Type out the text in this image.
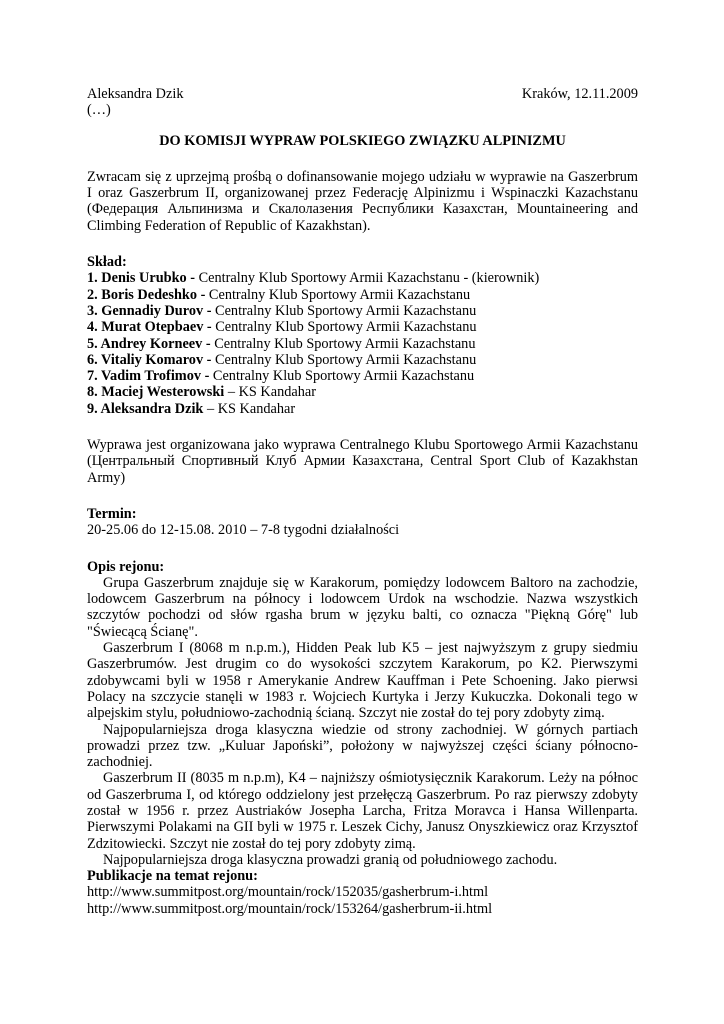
Aleksandra Dzik	Kraków, 12.11.2009

(…)

DO KOMISJI WYPRAW POLSKIEGO ZWIĄZKU ALPINIZMU

Zwracam się z uprzejmą prośbą o dofinansowanie mojego udziału w wyprawie na Gaszerbrum I oraz Gaszerbrum II, organizowanej przez Federację Alpinizmu i Wspinaczki Kazachstanu (Федерация Альпинизма и Скалолазения Республики Казахстан, Mountaineering and Climbing Federation of Republic of Kazakhstan).

Skład:

1. Denis Urubko - Centralny Klub Sportowy Armii Kazachstanu - (kierownik)
2. Boris Dedeshko - Centralny Klub Sportowy Armii Kazachstanu
3. Gennadiy Durov - Centralny Klub Sportowy Armii Kazachstanu
4. Murat Otepbaev - Centralny Klub Sportowy Armii Kazachstanu
5. Andrey Korneev - Centralny Klub Sportowy Armii Kazachstanu
6. Vitaliy Komarov - Centralny Klub Sportowy Armii Kazachstanu
7. Vadim Trofimov - Centralny Klub Sportowy Armii Kazachstanu
8. Maciej Westerowski – KS Kandahar
9. Aleksandra Dzik – KS Kandahar

Wyprawa jest organizowana jako wyprawa Centralnego Klubu Sportowego Armii Kazachstanu (Центральный Спортивный Клуб Армии Казахстана, Central Sport Club of Kazakhstan Army)

Termin:

20-25.06 do 12-15.08. 2010 – 7-8 tygodni działalności

Opis rejonu:

Grupa Gaszerbrum znajduje się w Karakorum, pomiędzy lodowcem Baltoro na zachodzie, lodowcem Gaszerbrum na północy i lodowcem Urdok na wschodzie. Nazwa wszystkich szczytów pochodzi od słów rgasha brum w języku balti, co oznacza "Piękną Górę" lub "Świecącą Ścianę".

Gaszerbrum I (8068 m n.p.m.), Hidden Peak lub K5 – jest najwyższym z grupy siedmiu Gaszerbrumów. Jest drugim co do wysokości szczytem Karakorum, po K2. Pierwszymi zdobywcami byli w 1958 r Amerykanie Andrew Kauffman i Pete Schoening. Jako pierwsi Polacy na szczycie stanęli w 1983 r. Wojciech Kurtyka i Jerzy Kukuczka. Dokonali tego w alpejskim stylu, południowo-zachodnią ścianą. Szczyt nie został do tej pory zdobyty zimą.

Najpopularniejsza droga klasyczna wiedzie od strony zachodniej. W górnych partiach prowadzi przez tzw. „Kuluar Japoński”, położony w najwyższej części ściany północno-zachodniej.

Gaszerbrum II (8035 m n.p.m), K4 – najniższy ośmiotysięcznik Karakorum. Leży na północ od Gaszerbruma I, od którego oddzielony jest przełęczą Gaszerbrum. Po raz pierwszy zdobyty został w 1956 r. przez Austriaków Josepha Larcha, Fritza Moravca i Hansa Willenparta. Pierwszymi Polakami na GII byli w 1975 r. Leszek Cichy, Janusz Onyszkiewicz oraz Krzysztof Zdzitowiecki. Szczyt nie został do tej pory zdobyty zimą.

Najpopularniejsza droga klasyczna prowadzi granią od południowego zachodu.

Publikacje na temat rejonu:

http://www.summitpost.org/mountain/rock/152035/gasherbrum-i.html
http://www.summitpost.org/mountain/rock/153264/gasherbrum-ii.html
